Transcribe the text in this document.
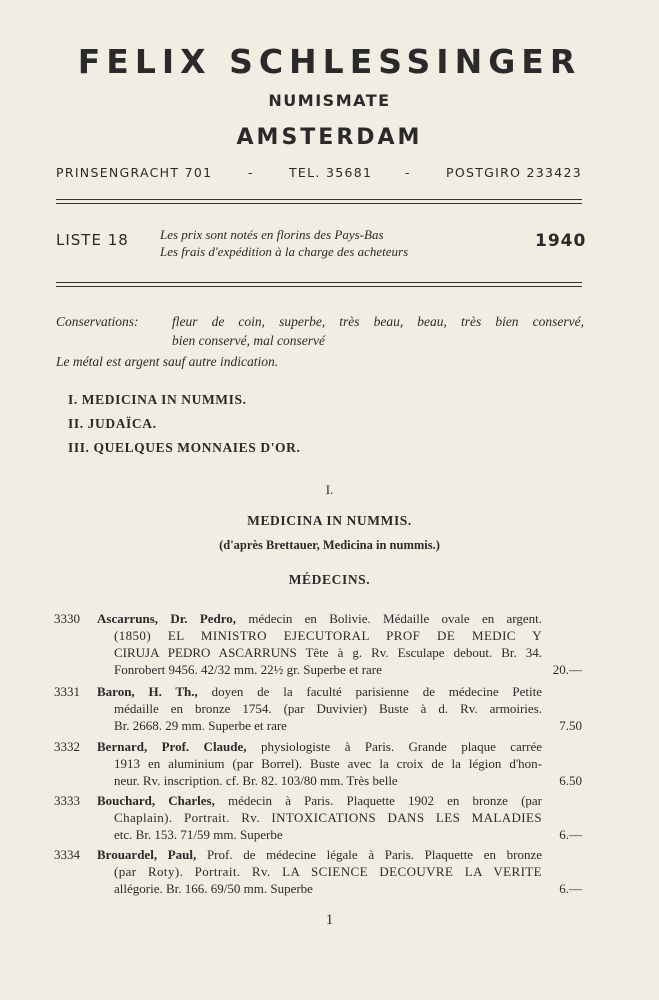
FELIX SCHLESSINGER
NUMISMATE
AMSTERDAM
PRINSENGRACHT 701	-	TEL. 35681	-	POSTGIRO 233423
LISTE 18 Les prix sont notés en florins des Pays-Bas
Les frais d'expédition à la charge des acheteurs
1940
Conservations: fleur de coin, superbe, très beau, beau, très bien conservé,
bien conservé, mal conservé
Le métal est argent sauf autre indication.
I. MEDICINA IN NUMMIS.
II. JUDAÏCA.
III. QUELQUES MONNAIES D'OR.
I.
MEDICINA IN NUMMIS.
(d'après Brettauer, Medicina in nummis.)
MÉDECINS.
3330 Ascarruns, Dr. Pedro, médecin en Bolivie. Médaille ovale en argent.
(1850) EL MINISTRO EJECUTORAL PROF DE MEDIC Y
CIRUJA PEDRO ASCARRUNS Tête à g. Rv. Esculape debout. Br. 34.
Fonrobert 9456. 42/32 mm. 22½ gr. Superbe et rare	20.—
3331 Baron, H. Th., doyen de la faculté parisienne de médecine Petite
médaille en bronze 1754. (par Duvivier) Buste à d. Rv. armoiries.
Br. 2668. 29 mm. Superbe et rare	7.50
3332 Bernard, Prof. Claude, physiologiste à Paris. Grande plaque carrée
1913 en aluminium (par Borrel). Buste avec la croix de la légion d'hon-
neur. Rv. inscription. cf. Br. 82. 103/80 mm. Très belle	6.50
3333 Bouchard, Charles, médecin à Paris. Plaquette 1902 en bronze (par
Chaplain). Portrait. Rv. INTOXICATIONS DANS LES MALADIES
etc. Br. 153. 71/59 mm. Superbe	6.—
3334 Brouardel, Paul, Prof. de médecine légale à Paris. Plaquette en bronze
(par Roty). Portrait. Rv. LA SCIENCE DECOUVRE LA VERITE
allégorie. Br. 166. 69/50 mm. Superbe	6.—
1
